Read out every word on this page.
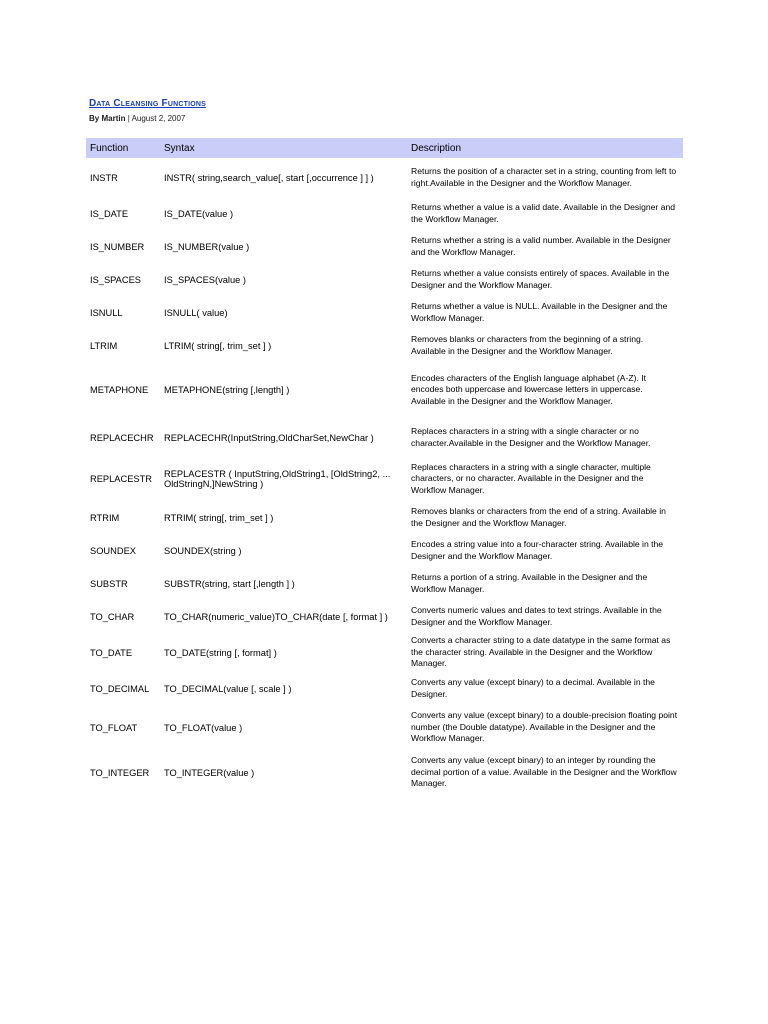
Data Cleansing Functions
By Martin | August 2, 2007
Function	Syntax	Description
INSTR	INSTR( string,search_value[, start [,occurrence ] ] )	Returns the position of a character set in a string, counting from left to right.Available in the Designer and the Workflow Manager.
IS_DATE	IS_DATE(value )	Returns whether a value is a valid date. Available in the Designer and the Workflow Manager.
IS_NUMBER	IS_NUMBER(value )	Returns whether a string is a valid number. Available in the Designer and the Workflow Manager.
IS_SPACES	IS_SPACES(value )	Returns whether a value consists entirely of spaces. Available in the Designer and the Workflow Manager.
ISNULL	ISNULL( value)	Returns whether a value is NULL. Available in the Designer and the Workflow Manager.
LTRIM	LTRIM( string[, trim_set ] )	Removes blanks or characters from the beginning of a string. Available in the Designer and the Workflow Manager.
METAPHONE	METAPHONE(string [,length] )	Encodes characters of the English language alphabet (A-Z). It encodes both uppercase and lowercase letters in uppercase. Available in the Designer and the Workflow Manager.
REPLACECHR	REPLACECHR(InputString,OldCharSet,NewChar )	Replaces characters in a string with a single character or no character.Available in the Designer and the Workflow Manager.
REPLACESTR	REPLACESTR ( InputString,OldString1, [OldString2, ... OldStringN,]NewString )	Replaces characters in a string with a single character, multiple characters, or no character. Available in the Designer and the Workflow Manager.
RTRIM	RTRIM( string[, trim_set ] )	Removes blanks or characters from the end of a string. Available in the Designer and the Workflow Manager.
SOUNDEX	SOUNDEX(string )	Encodes a string value into a four-character string. Available in the Designer and the Workflow Manager.
SUBSTR	SUBSTR(string, start [,length ] )	Returns a portion of a string. Available in the Designer and the Workflow Manager.
TO_CHAR	TO_CHAR(numeric_value)TO_CHAR(date [, format ] )	Converts numeric values and dates to text strings. Available in the Designer and the Workflow Manager.
TO_DATE	TO_DATE(string [, format] )	Converts a character string to a date datatype in the same format as the character string. Available in the Designer and the Workflow Manager.
TO_DECIMAL	TO_DECIMAL(value [, scale ] )	Converts any value (except binary) to a decimal. Available in the Designer.
TO_FLOAT	TO_FLOAT(value )	Converts any value (except binary) to a double-precision floating point number (the Double datatype). Available in the Designer and the Workflow Manager.
TO_INTEGER	TO_INTEGER(value )	Converts any value (except binary) to an integer by rounding the decimal portion of a value. Available in the Designer and the Workflow Manager.
